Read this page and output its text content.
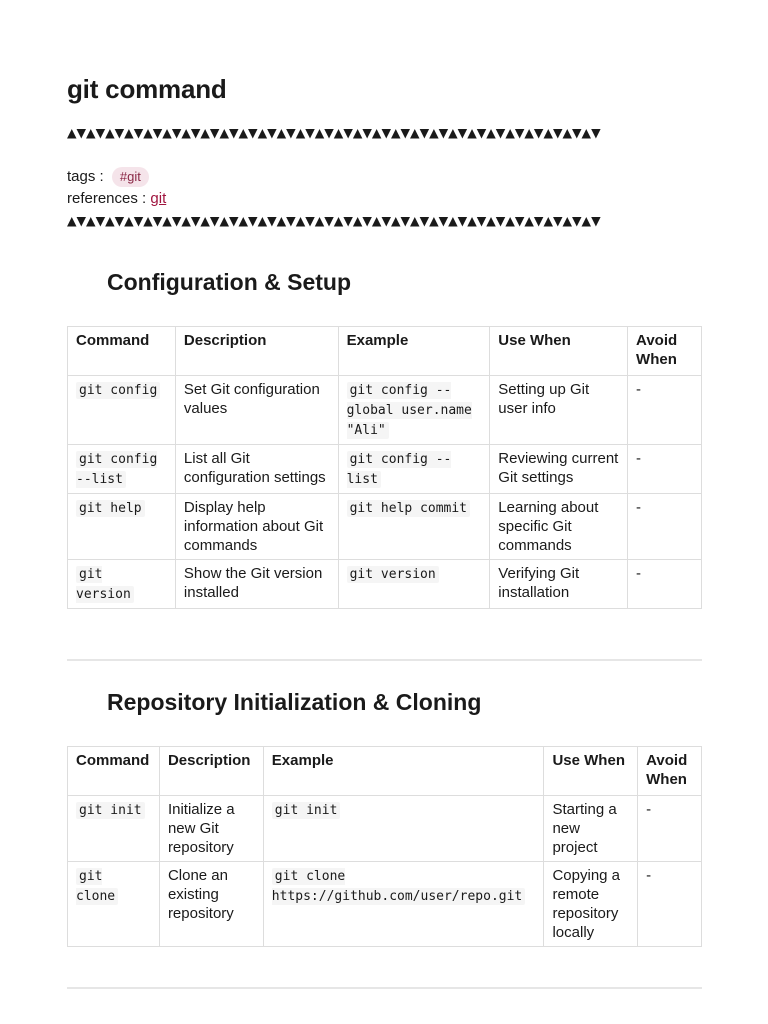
git command
▲▼▲▼▲▼▲▼▲▼▲▼▲▼▲▼▲▼▲▼▲▼▲▼▲▼▲▼▲▼▲▼▲▼▲▼▲▼▲▼▲▼▲▼▲▼▲▼▲▼▲▼▲▼▲▼
tags : #git
references : git
▲▼▲▼▲▼▲▼▲▼▲▼▲▼▲▼▲▼▲▼▲▼▲▼▲▼▲▼▲▼▲▼▲▼▲▼▲▼▲▼▲▼▲▼▲▼▲▼▲▼▲▼▲▼▲▼
Configuration & Setup
Command	Description	Example	Use When	Avoid When
git config	Set Git configuration values	git config --global user.name "Ali"	Setting up Git user info	-
git config --list	List all Git configuration settings	git config --list	Reviewing current Git settings	-
git help	Display help information about Git commands	git help commit	Learning about specific Git commands	-
git version	Show the Git version installed	git version	Verifying Git installation	-
Repository Initialization & Cloning
Command	Description	Example	Use When	Avoid When
git init	Initialize a new Git repository	git init	Starting a new project	-
git clone	Clone an existing repository	git clone https://github.com/user/repo.git	Copying a remote repository locally	-
